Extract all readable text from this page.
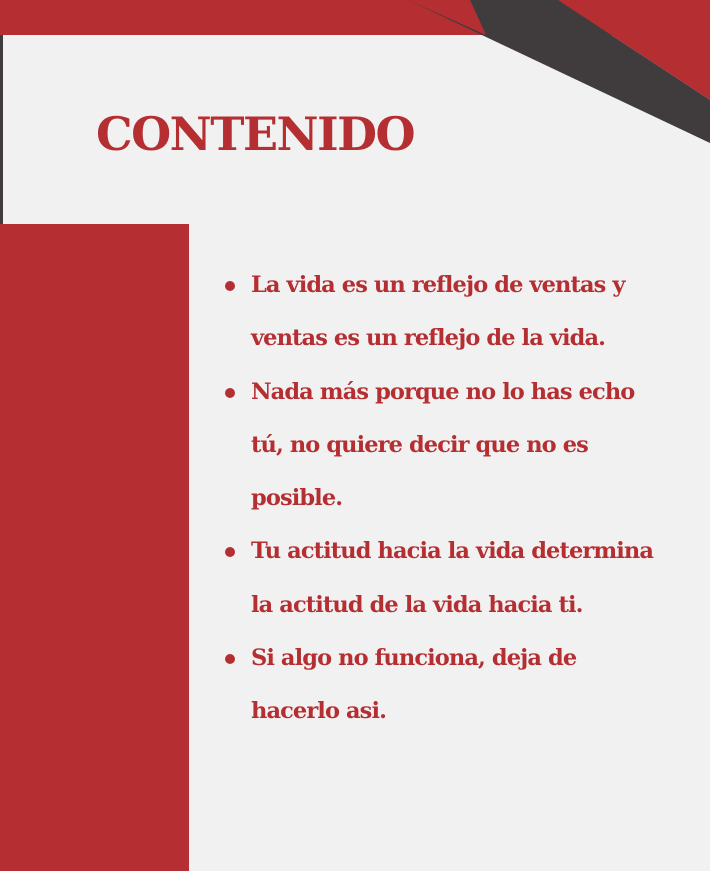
CONTENIDO
La vida es un reflejo de ventas y ventas es un reflejo de la vida.
Nada más porque no lo has echo tú, no quiere decir que no es posible.
Tu actitud hacia la vida determina la actitud de la vida hacia ti.
Si algo no funciona, deja de hacerlo asi.
